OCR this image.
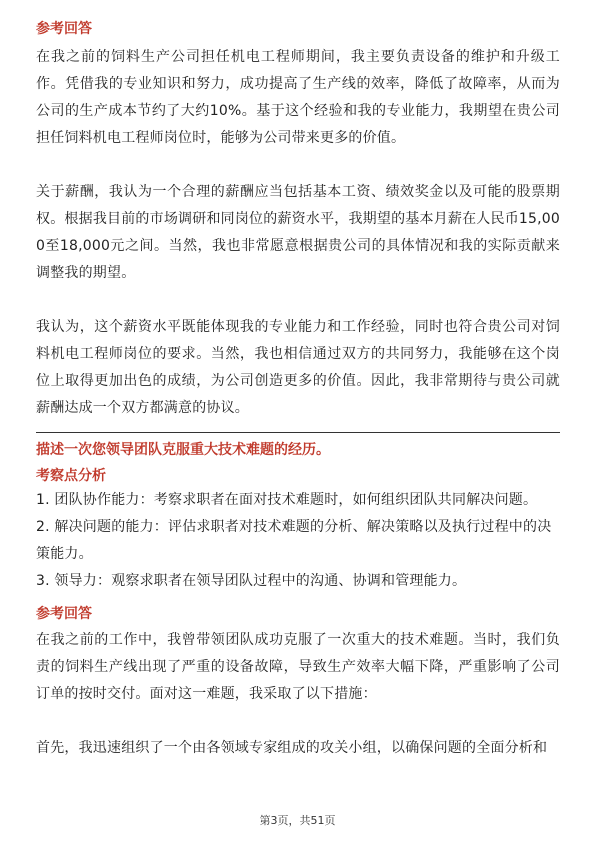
参考回答

在我之前的饲料生产公司担任机电工程师期间，我主要负责设备的维护和升级工作。凭借我的专业知识和努力，成功提高了生产线的效率，降低了故障率，从而为公司的生产成本节约了大约10%。基于这个经验和我的专业能力，我期望在贵公司担任饲料机电工程师岗位时，能够为公司带来更多的价值。

关于薪酬，我认为一个合理的薪酬应当包括基本工资、绩效奖金以及可能的股票期权。根据我目前的市场调研和同岗位的薪资水平，我期望的基本月薪在人民币15,000至18,000元之间。当然，我也非常愿意根据贵公司的具体情况和我的实际贡献来调整我的期望。

我认为，这个薪资水平既能体现我的专业能力和工作经验，同时也符合贵公司对饲料机电工程师岗位的要求。当然，我也相信通过双方的共同努力，我能够在这个岗位上取得更加出色的成绩，为公司创造更多的价值。因此，我非常期待与贵公司就薪酬达成一个双方都满意的协议。

描述一次您领导团队克服重大技术难题的经历。

考察点分析

1. 团队协作能力：考察求职者在面对技术难题时，如何组织团队共同解决问题。

2. 解决问题的能力：评估求职者对技术难题的分析、解决策略以及执行过程中的决策能力。

3. 领导力：观察求职者在领导团队过程中的沟通、协调和管理能力。

参考回答

在我之前的工作中，我曾带领团队成功克服了一次重大的技术难题。当时，我们负责的饲料生产线出现了严重的设备故障，导致生产效率大幅下降，严重影响了公司订单的按时交付。面对这一难题，我采取了以下措施：

首先，我迅速组织了一个由各领域专家组成的攻关小组，以确保问题的全面分析和

第3页，共51页
